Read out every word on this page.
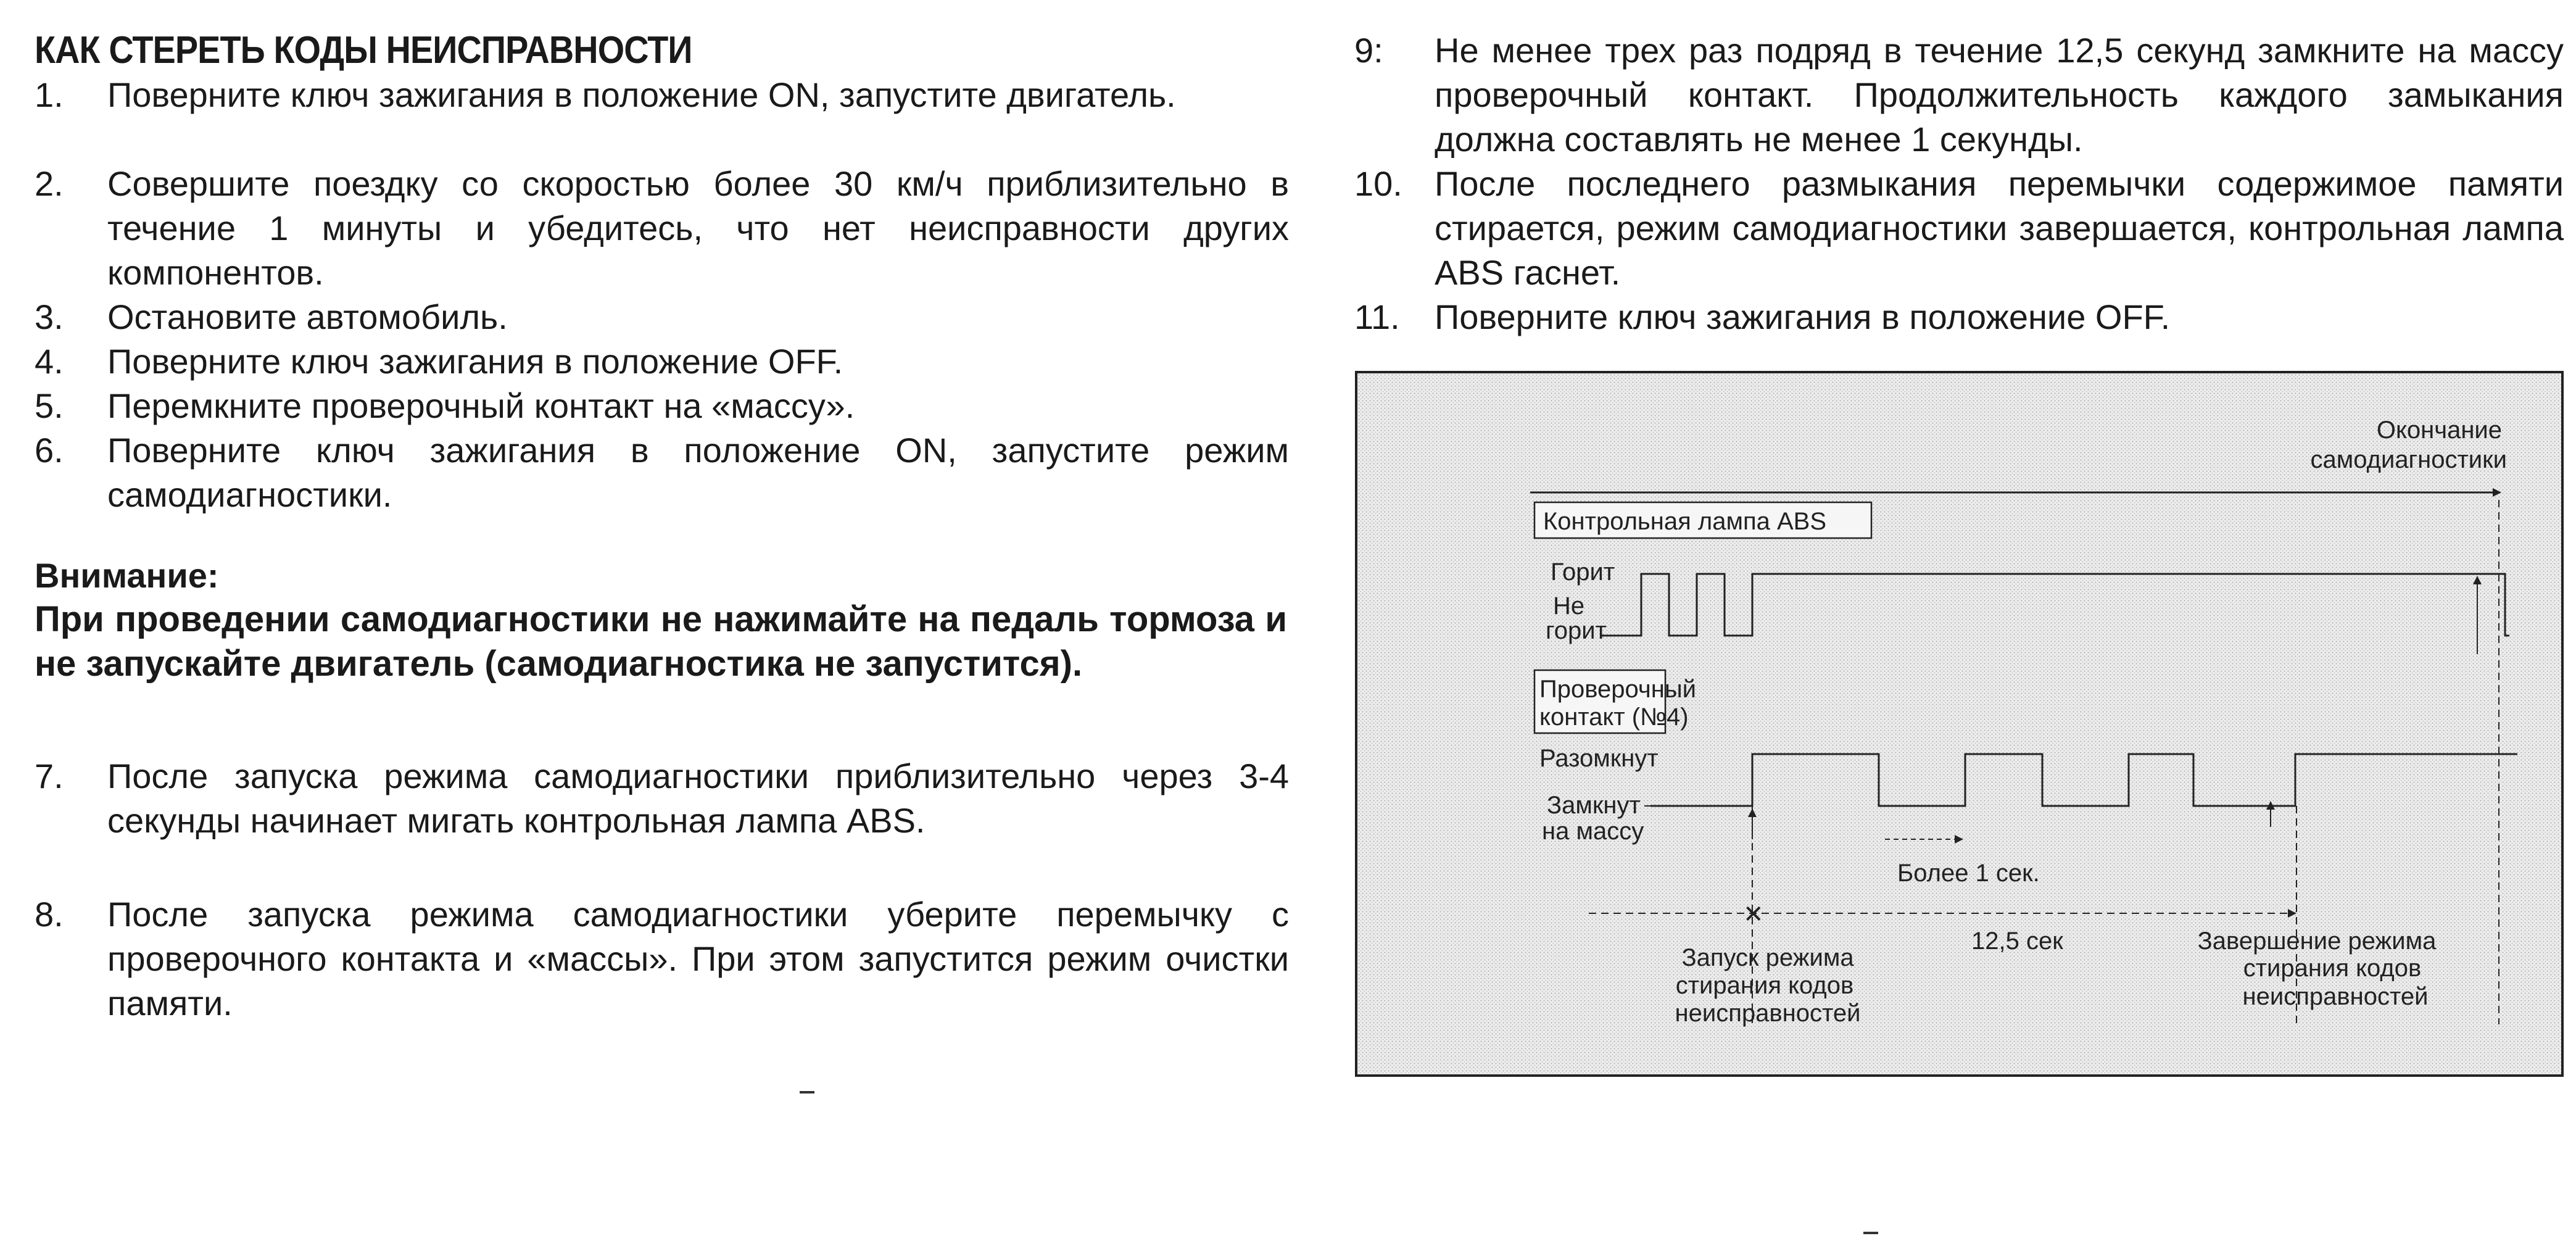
КАК СТЕРЕТЬ КОДЫ НЕИСПРАВНОСТИ
1. Поверните ключ зажигания в положение ON, запустите двигатель.
2. Совершите поездку со скоростью более 30 км/ч приблизительно в течение 1 минуты и убедитесь, что нет неисправности других компонентов.
3. Остановите автомобиль.
4. Поверните ключ зажигания в положение OFF.
5. Перемкните проверочный контакт на «массу».
6. Поверните ключ зажигания в положение ON, запустите режим самодиагностики.
Внимание:
При проведении самодиагностики не нажимайте на педаль тормоза и не запускайте двигатель (самодиагностика не запустится).
7. После запуска режима самодиагностики приблизительно через 3-4 секунды начинает мигать контрольная лампа ABS.
8. После запуска режима самодиагностики уберите перемычку с проверочного контакта и «массы». При этом запустится режим очистки памяти.
9: Не менее трех раз подряд в течение 12,5 секунд замкните на массу проверочный контакт. Продолжительность каждого замыкания должна составлять не менее 1 секунды.
10. После последнего размыкания перемычки содержимое памяти стирается, режим самодиагностики завершается, контрольная лампа ABS гаснет.
11. Поверните ключ зажигания в положение OFF.
Окончание
самодиагностики
Контрольная лампа ABS
Горит
Не
горит
Проверочный
контакт (№4)
Разомкнут
Замкнут
на массу
Более 1 сек.
12,5 сек
✕
Запуск режима
стирания кодов
неисправностей
Завершение режима
стирания кодов
неисправностей
